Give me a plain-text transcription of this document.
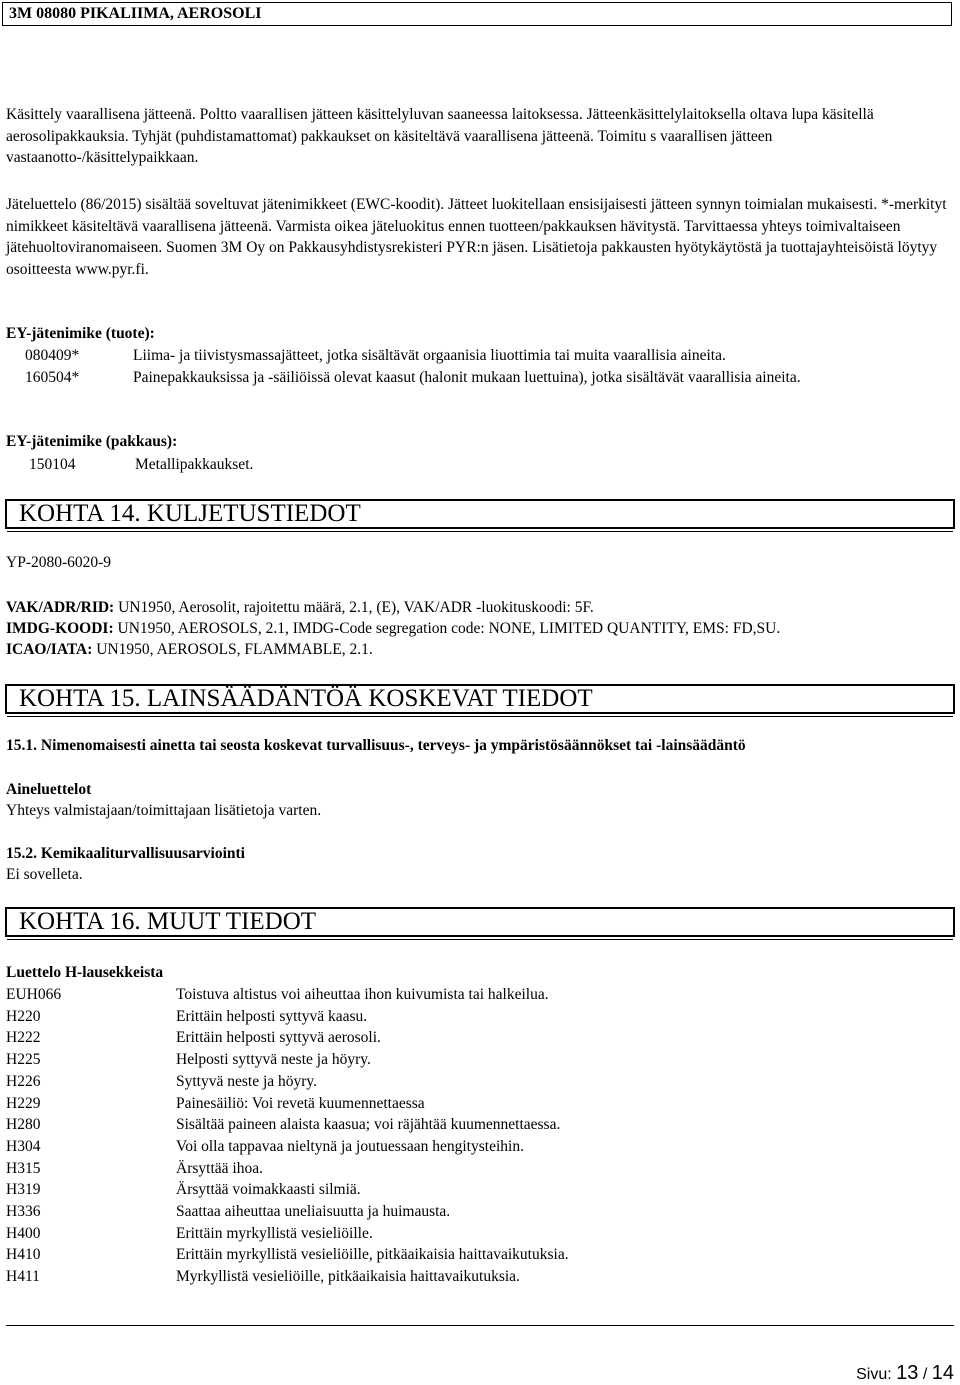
3M 08080 PIKALIIMA, AEROSOLI

Käsittely vaarallisena jätteenä. Poltto vaarallisen jätteen käsittelyluvan saaneessa laitoksessa. Jätteenkäsittelylaitoksella oltava lupa käsitellä aerosolipakkauksia. Tyhjät (puhdistamattomat) pakkaukset on käsiteltävä vaarallisena jätteenä. Toimitu s vaarallisen jätteen vastaanotto-/käsittelypaikkaan.

Jäteluettelo (86/2015) sisältää soveltuvat jätenimikkeet (EWC-koodit). Jätteet luokitellaan ensisijaisesti jätteen synnyn toimialan mukaisesti. *-merkityt nimikkeet käsiteltävä vaarallisena jätteenä. Varmista oikea jäteluokitus ennen tuotteen/pakkauksen hävitystä. Tarvittaessa yhteys toimivaltaiseen jätehuoltoviranomaiseen. Suomen 3M Oy on Pakkausyhdistysrekisteri PYR:n jäsen. Lisätietoja pakkausten hyötykäytöstä ja tuottajayhteisöistä löytyy osoitteesta www.pyr.fi.

EY-jätenimike (tuote):
080409*	Liima- ja tiivistysmassajätteet, jotka sisältävät orgaanisia liuottimia tai muita vaarallisia aineita.
160504*	Painepakkauksissa ja -säiliöissä olevat kaasut (halonit mukaan luettuina), jotka sisältävät vaarallisia aineita.
EY-jätenimike (pakkaus):
150104	Metallipakkaukset.
KOHTA 14. KULJETUSTIEDOT
YP-2080-6020-9
VAK/ADR/RID: UN1950, Aerosolit, rajoitettu määrä, 2.1, (E), VAK/ADR -luokituskoodi: 5F.
IMDG-KOODI: UN1950, AEROSOLS, 2.1, IMDG-Code segregation code: NONE, LIMITED QUANTITY, EMS: FD,SU.
ICAO/IATA: UN1950, AEROSOLS, FLAMMABLE, 2.1.
KOHTA 15. LAINSÄÄDÄNTÖÄ KOSKEVAT TIEDOT
15.1. Nimenomaisesti ainetta tai seosta koskevat turvallisuus-, terveys- ja ympäristösäännökset tai -lainsäädäntö
Aineluettelot
Yhteys valmistajaan/toimittajaan lisätietoja varten.
15.2. Kemikaaliturvallisuusarviointi
Ei sovelleta.
KOHTA 16. MUUT TIEDOT
Luettelo H-lausekkeista
EUH066	Toistuva altistus voi aiheuttaa ihon kuivumista tai halkeilua.
H220	Erittäin helposti syttyvä kaasu.
H222	Erittäin helposti syttyvä aerosoli.
H225	Helposti syttyvä neste ja höyry.
H226	Syttyvä neste ja höyry.
H229	Painesäiliö: Voi revetä kuumennettaessa
H280	Sisältää paineen alaista kaasua; voi räjähtää kuumennettaessa.
H304	Voi olla tappavaa nieltynä ja joutuessaan hengitysteihin.
H315	Ärsyttää ihoa.
H319	Ärsyttää voimakkaasti silmiä.
H336	Saattaa aiheuttaa uneliaisuutta ja huimausta.
H400	Erittäin myrkyllistä vesieliöille.
H410	Erittäin myrkyllistä vesieliöille, pitkäaikaisia haittavaikutuksia.
H411	Myrkyllistä vesieliöille, pitkäaikaisia haittavaikutuksia.
Sivu: 13 / 14
